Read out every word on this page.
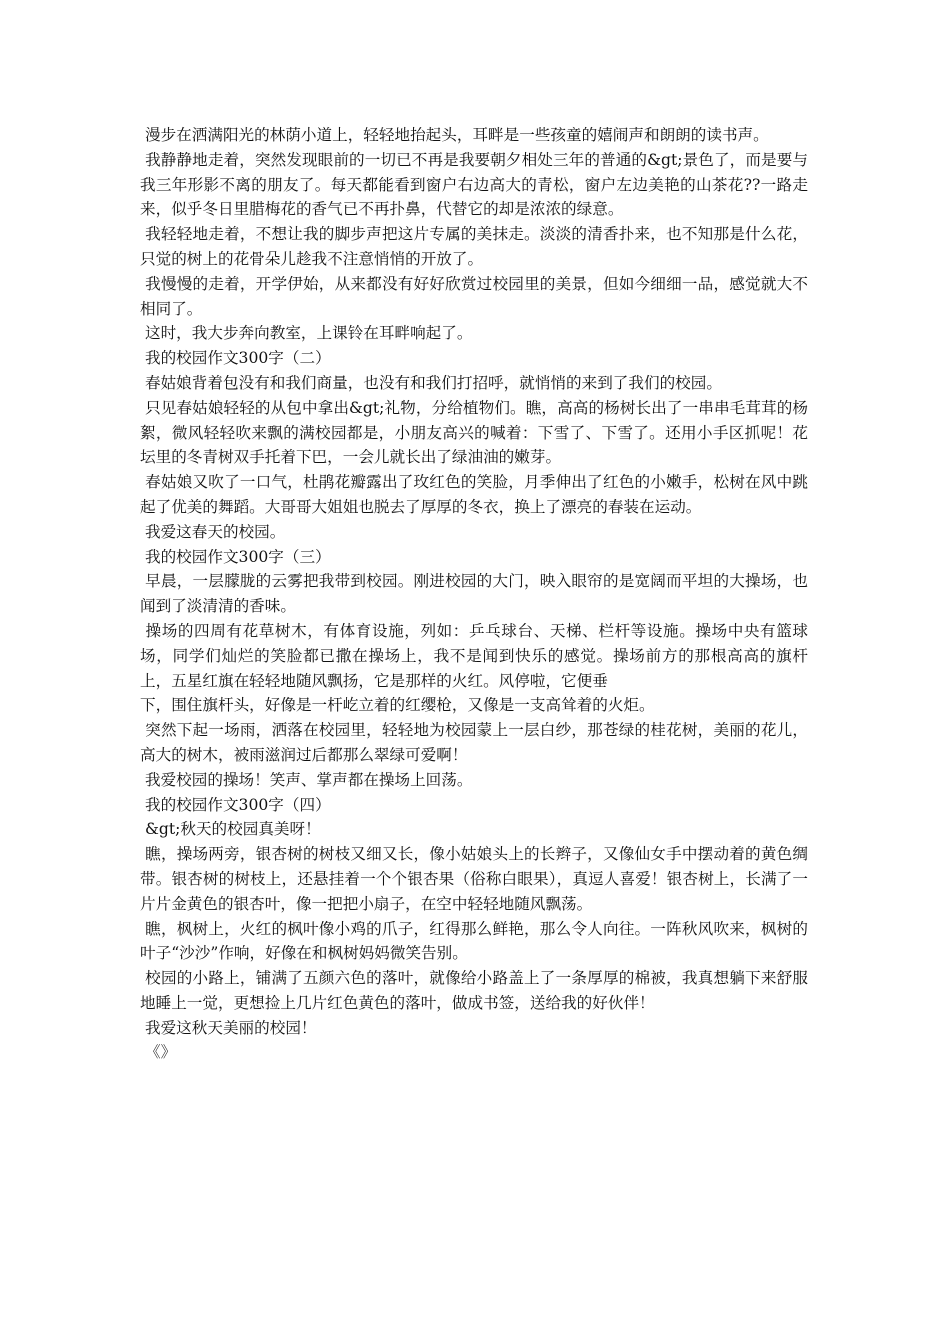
漫步在洒满阳光的林荫小道上，轻轻地抬起头，耳畔是一些孩童的嬉闹声和朗朗的读书声。

我静静地走着，突然发现眼前的一切已不再是我要朝夕相处三年的普通的&gt;景色了，而是要与我三年形影不离的朋友了。每天都能看到窗户右边高大的青松，窗户左边美艳的山茶花??一路走来，似乎冬日里腊梅花的香气已不再扑鼻，代替它的却是浓浓的绿意。

我轻轻地走着，不想让我的脚步声把这片专属的美抹走。淡淡的清香扑来，也不知那是什么花，只觉的树上的花骨朵儿趁我不注意悄悄的开放了。

我慢慢的走着，开学伊始，从来都没有好好欣赏过校园里的美景，但如今细细一品，感觉就大不相同了。

这时，我大步奔向教室，上课铃在耳畔响起了。

我的校园作文300字（二）

春姑娘背着包没有和我们商量，也没有和我们打招呼，就悄悄的来到了我们的校园。

只见春姑娘轻轻的从包中拿出&gt;礼物，分给植物们。瞧，高高的杨树长出了一串串毛茸茸的杨絮，微风轻轻吹来飘的满校园都是，小朋友高兴的喊着：下雪了、下雪了。还用小手区抓呢！花坛里的冬青树双手托着下巴，一会儿就长出了绿油油的嫩芽。

春姑娘又吹了一口气，杜鹃花瓣露出了玫红色的笑脸，月季伸出了红色的小嫩手，松树在风中跳起了优美的舞蹈。大哥哥大姐姐也脱去了厚厚的冬衣，换上了漂亮的春装在运动。

我爱这春天的校园。

我的校园作文300字（三）

早晨，一层朦胧的云雾把我带到校园。刚进校园的大门，映入眼帘的是宽阔而平坦的大操场，也闻到了淡清清的香味。

操场的四周有花草树木，有体育设施，列如：乒乓球台、天梯、栏杆等设施。操场中央有篮球场，同学们灿烂的笑脸都已撒在操场上，我不是闻到快乐的感觉。操场前方的那根高高的旗杆上，五星红旗在轻轻地随风飘扬，它是那样的火红。风停啦，它便垂
下，围住旗杆头，好像是一杆屹立着的红缨枪，又像是一支高耸着的火炬。

突然下起一场雨，洒落在校园里，轻轻地为校园蒙上一层白纱，那苍绿的桂花树，美丽的花儿，高大的树木，被雨滋润过后都那么翠绿可爱啊！

我爱校园的操场！笑声、掌声都在操场上回荡。

我的校园作文300字（四）

&gt;秋天的校园真美呀！

瞧，操场两旁，银杏树的树枝又细又长，像小姑娘头上的长辫子，又像仙女手中摆动着的黄色绸带。银杏树的树枝上，还悬挂着一个个银杏果（俗称白眼果），真逗人喜爱！银杏树上，长满了一片片金黄色的银杏叶，像一把把小扇子，在空中轻轻地随风飘荡。

瞧，枫树上，火红的枫叶像小鸡的爪子，红得那么鲜艳，那么令人向往。一阵秋风吹来，枫树的叶子“沙沙”作响，好像在和枫树妈妈微笑告别。

校园的小路上，铺满了五颜六色的落叶，就像给小路盖上了一条厚厚的棉被，我真想躺下来舒服地睡上一觉，更想捡上几片红色黄色的落叶，做成书签，送给我的好伙伴！

我爱这秋天美丽的校园！

《》
